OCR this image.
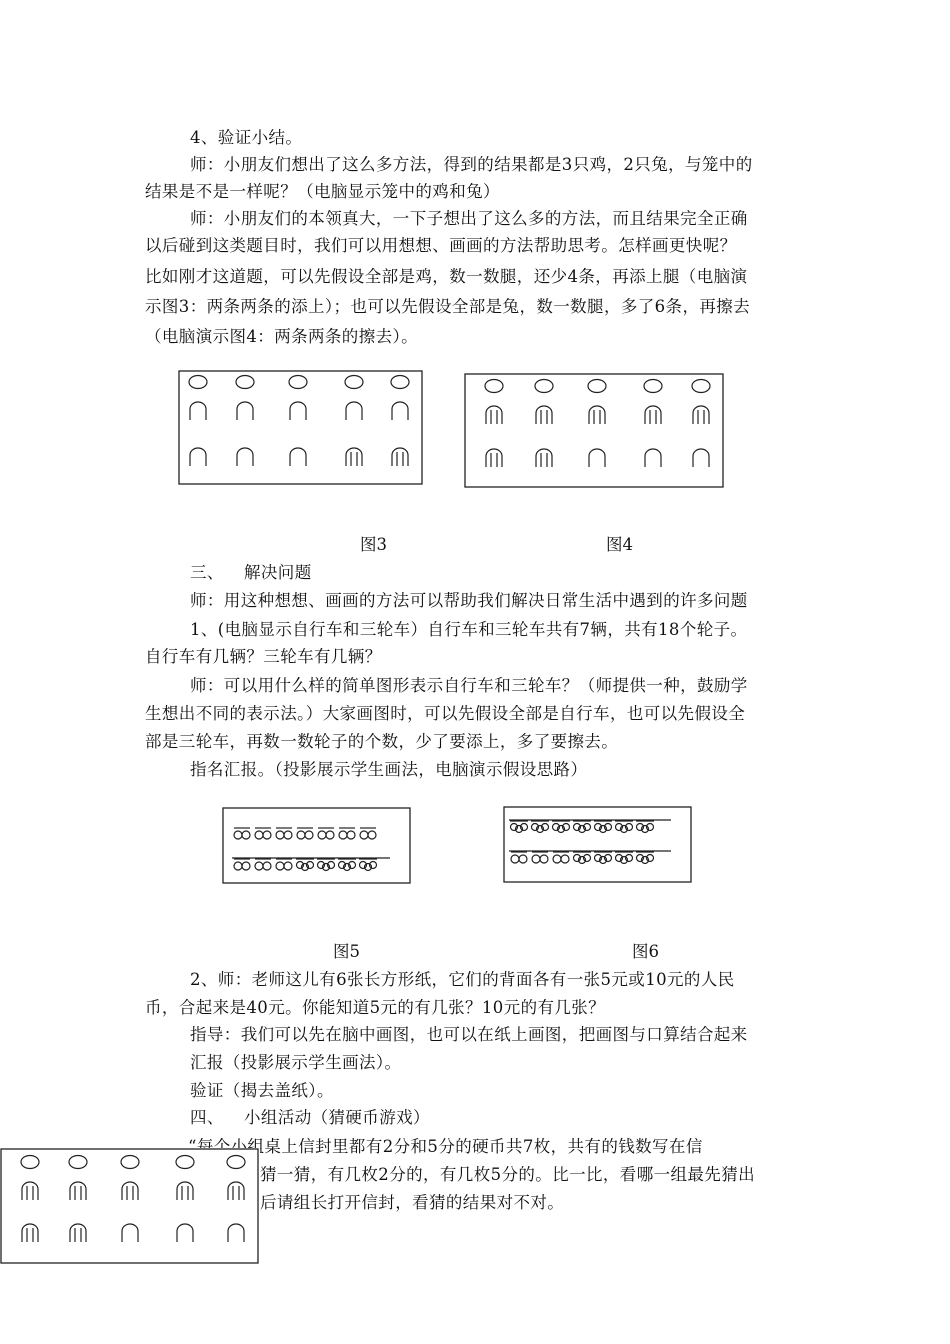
4、验证小结。
师：小朋友们想出了这么多方法，得到的结果都是3只鸡，2只兔，与笼中的
结果是不是一样呢？（电脑显示笼中的鸡和兔）
师：小朋友们的本领真大，一下子想出了这么多的方法，而且结果完全正确
以后碰到这类题目时，我们可以用想想、画画的方法帮助思考。怎样画更快呢？
比如刚才这道题，可以先假设全部是鸡，数一数腿，还少4条，再添上腿（电脑演
示图3：两条两条的添上）；也可以先假设全部是兔，数一数腿，多了6条，再擦去
（电脑演示图4：两条两条的擦去）。
图3	图4
三、 解决问题
师：用这种想想、画画的方法可以帮助我们解决日常生活中遇到的许多问题
1、(电脑显示自行车和三轮车）自行车和三轮车共有7辆，共有18个轮子。
自行车有几辆？三轮车有几辆？
师：可以用什么样的简单图形表示自行车和三轮车？（师提供一种，鼓励学
生想出不同的表示法。）大家画图时，可以先假设全部是自行车，也可以先假设全
部是三轮车，再数一数轮子的个数，少了要添上，多了要擦去。
指名汇报。（投影展示学生画法，电脑演示假设思路）
图5	图6
2、师：老师这儿有6张长方形纸，它们的背面各有一张5元或10元的人民
币，合起来是40元。你能知道5元的有几张？10元的有几张？
指导：我们可以先在脑中画图，也可以在纸上画图，把画图与口算结合起来
汇报（投影展示学生画法）。
验证（揭去盖纸）。
四、 小组活动（猜硬币游戏）
“每个小组桌上信封里都有2分和5分的硬币共7枚，共有的钱数写在信
猜一猜，有几枚2分的，有几枚5分的。比一比，看哪一组最先猜出
后请组长打开信封，看猜的结果对不对。
